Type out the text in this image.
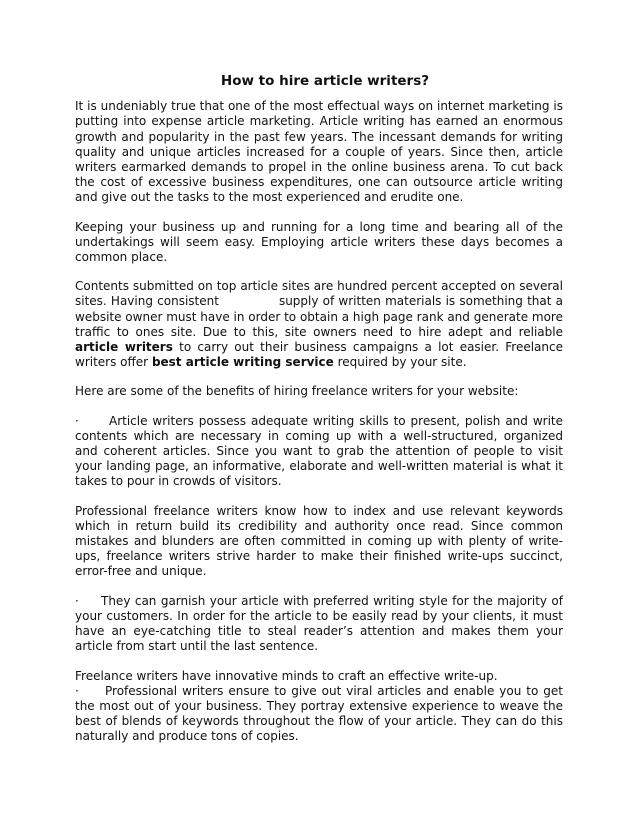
How to hire article writers?

It is undeniably true that one of the most effectual ways on internet marketing is putting into expense article marketing. Article writing has earned an enormous growth and popularity in the past few years. The incessant demands for writing quality and unique articles increased for a couple of years. Since then, article writers earmarked demands to propel in the online business arena. To cut back the cost of excessive business expenditures, one can outsource article writing and give out the tasks to the most experienced and erudite one.

Keeping your business up and running for a long time and bearing all of the undertakings will seem easy. Employing article writers these days becomes a common place.

Contents submitted on top article sites are hundred percent accepted on several sites. Having consistent	supply of written materials is something that a website owner must have in order to obtain a high page rank and generate more traffic to ones site. Due to this, site owners need to hire adept and reliable article writers to carry out their business campaigns a lot easier. Freelance writers offer best article writing service required by your site.

Here are some of the benefits of hiring freelance writers for your website:

·	Article writers possess adequate writing skills to present, polish and write contents which are necessary in coming up with a well-structured, organized and coherent articles. Since you want to grab the attention of people to visit your landing page, an informative, elaborate and well-written material is what it takes to pour in crowds of visitors.

Professional freelance writers know how to index and use relevant keywords which in return build its credibility and authority once read. Since common mistakes and blunders are often committed in coming up with plenty of write-ups, freelance writers strive harder to make their finished write-ups succinct, error-free and unique.

· They can garnish your article with preferred writing style for the majority of your customers. In order for the article to be easily read by your clients, it must have an eye-catching title to steal reader’s attention and makes them your article from start until the last sentence.

Freelance writers have innovative minds to craft an effective write-up.

· Professional writers ensure to give out viral articles and enable you to get the most out of your business. They portray extensive experience to weave the best of blends of keywords throughout the flow of your article. They can do this naturally and produce tons of copies.
